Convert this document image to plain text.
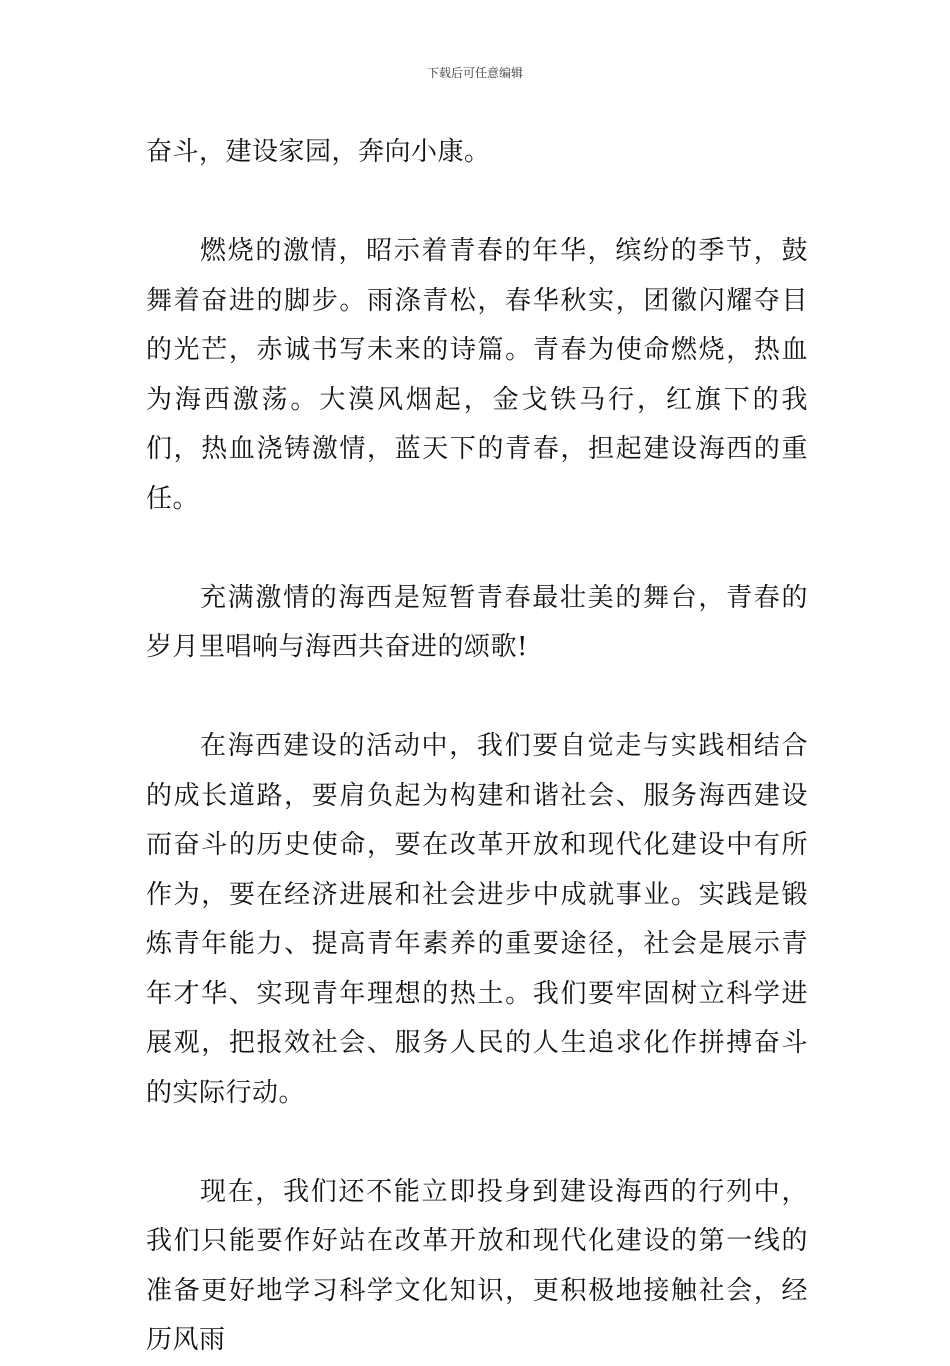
下载后可任意编辑

奋斗，建设家园，奔向小康。

燃烧的激情，昭示着青春的年华，缤纷的季节，鼓舞着奋进的脚步。雨涤青松，春华秋实，团徽闪耀夺目的光芒，赤诚书写未来的诗篇。青春为使命燃烧，热血为海西激荡。大漠风烟起，金戈铁马行，红旗下的我们，热血浇铸激情，蓝天下的青春，担起建设海西的重任。

充满激情的海西是短暂青春最壮美的舞台，青春的岁月里唱响与海西共奋进的颂歌!

在海西建设的活动中，我们要自觉走与实践相结合的成长道路，要肩负起为构建和谐社会、服务海西建设而奋斗的历史使命，要在改革开放和现代化建设中有所作为，要在经济进展和社会进步中成就事业。实践是锻炼青年能力、提高青年素养的重要途径，社会是展示青年才华、实现青年理想的热土。我们要牢固树立科学进展观，把报效社会、服务人民的人生追求化作拼搏奋斗的实际行动。

现在，我们还不能立即投身到建设海西的行列中，我们只能要作好站在改革开放和现代化建设的第一线的准备更好地学习科学文化知识，更积极地接触社会，经历风雨
